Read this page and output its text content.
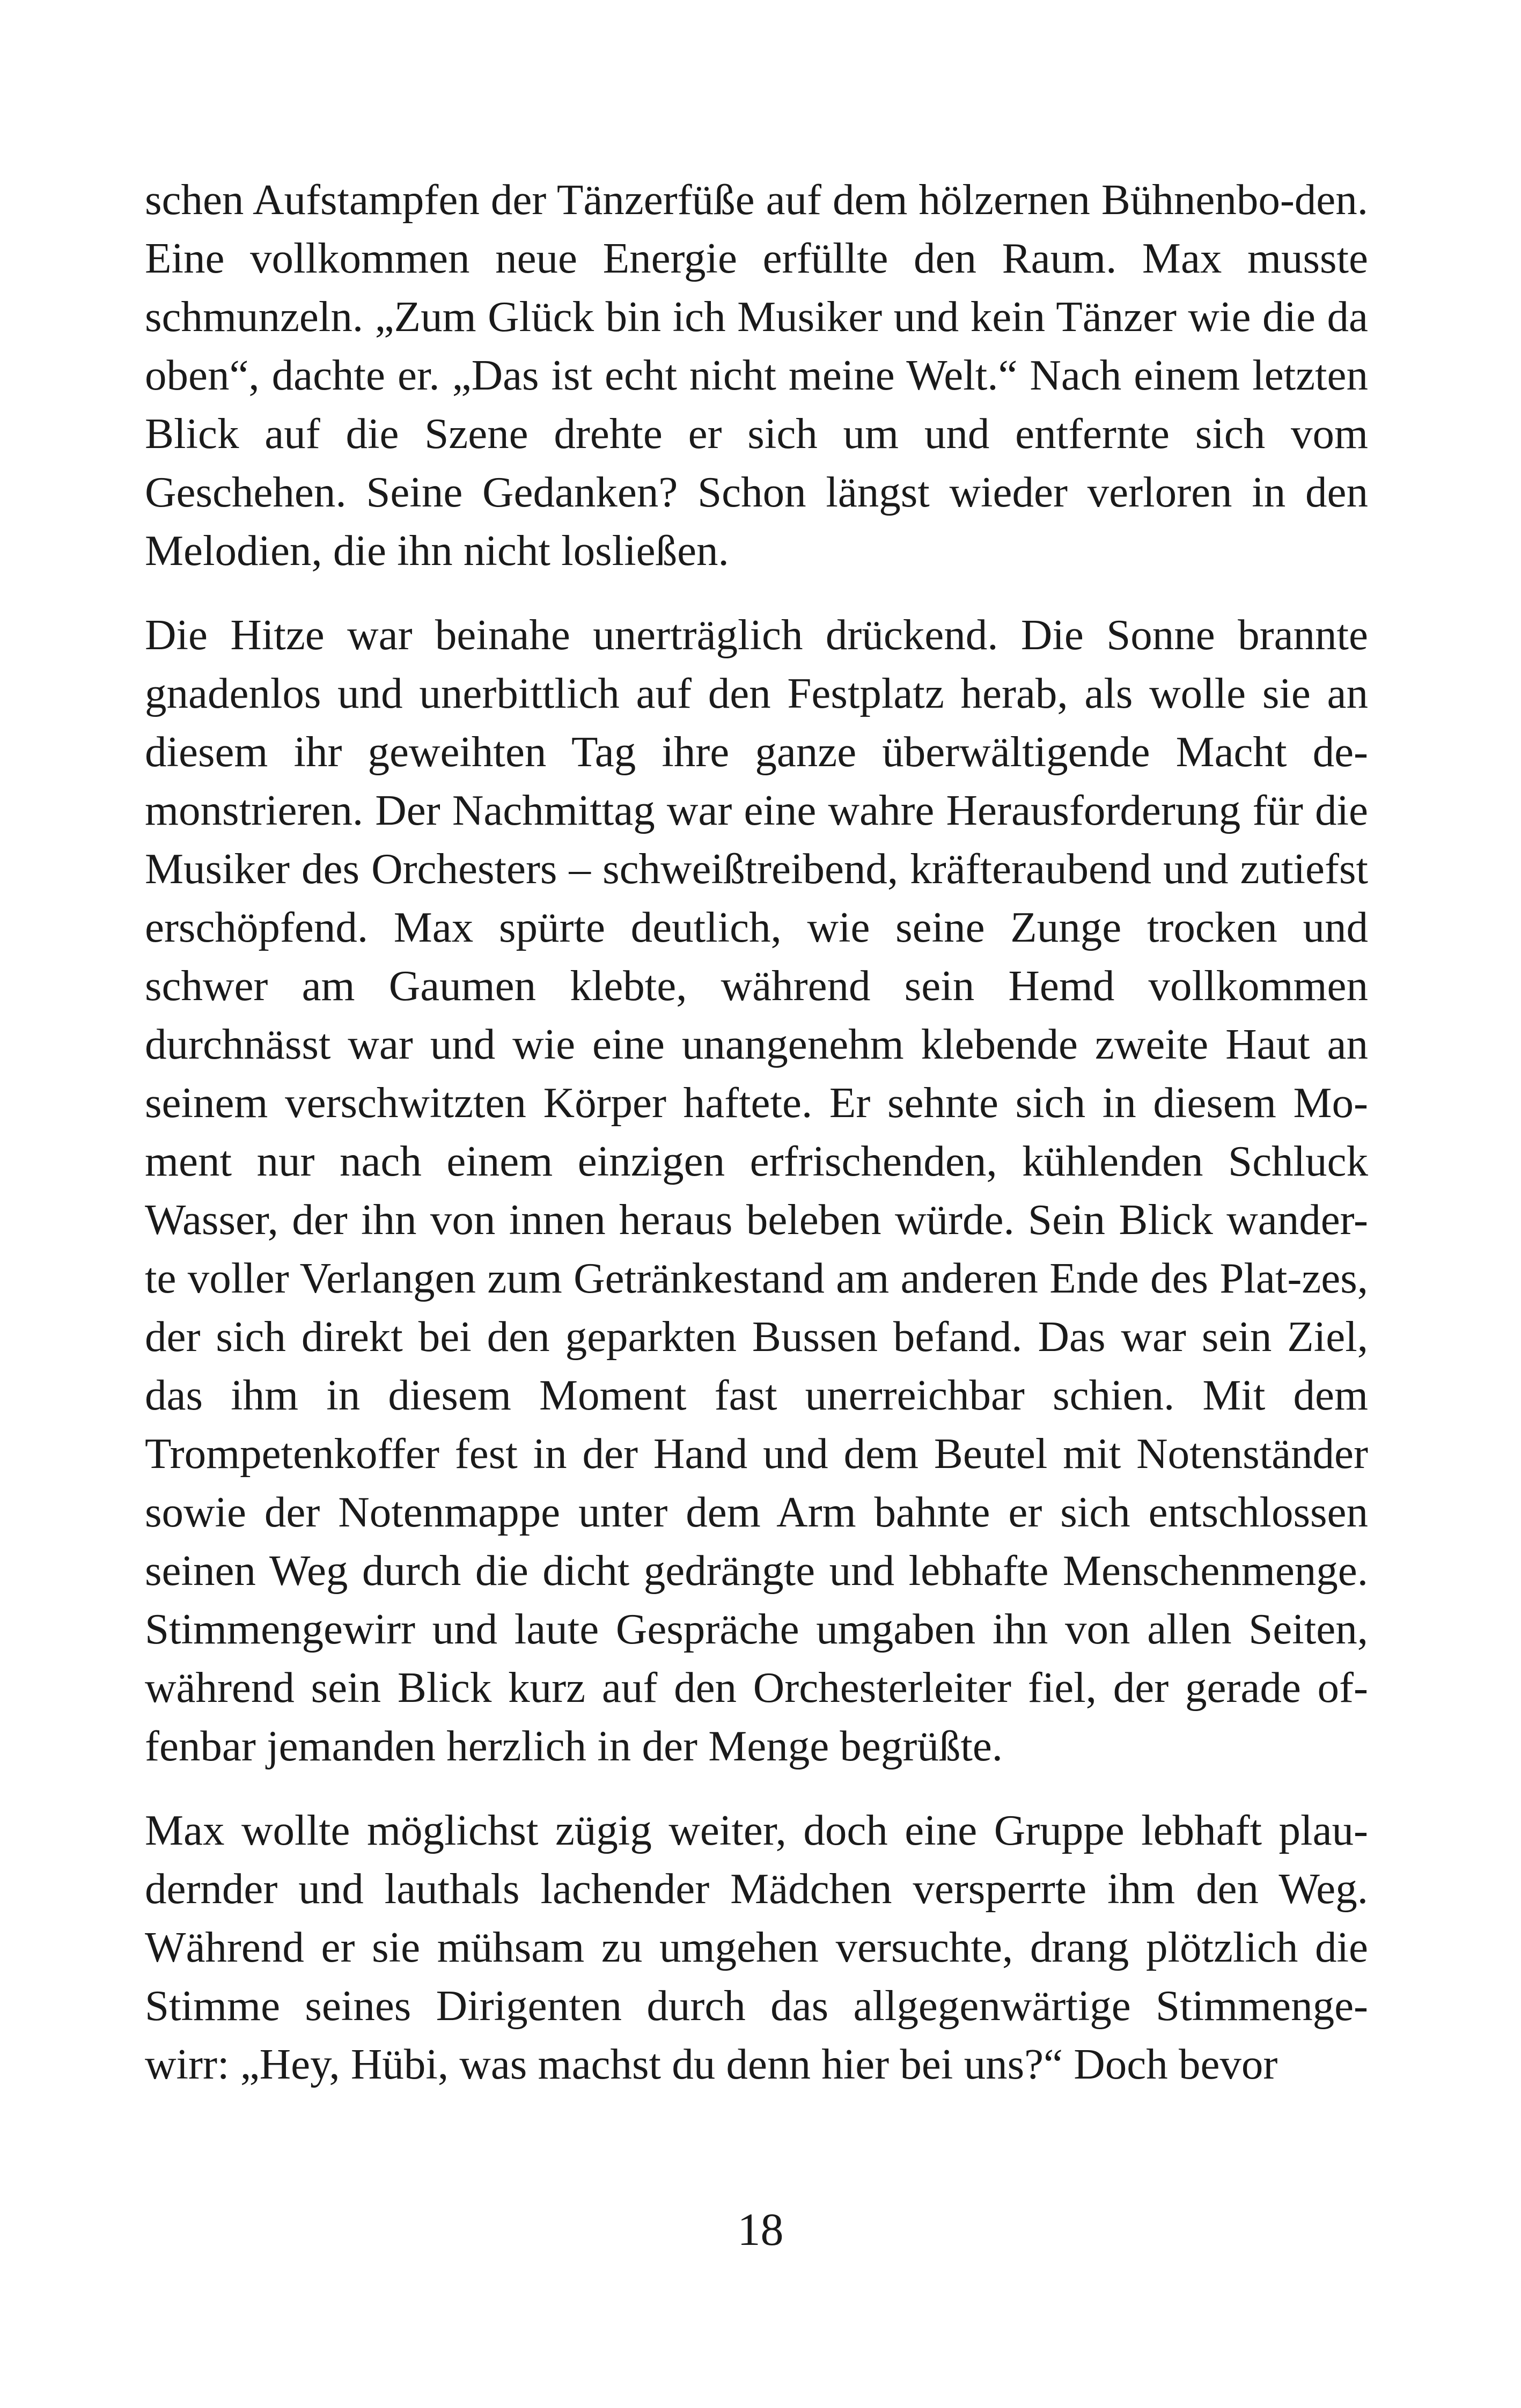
schen Aufstampfen der Tänzerfüße auf dem hölzernen Bühnenbo-den. Eine vollkommen neue Energie erfüllte den Raum. Max musste schmunzeln. „Zum Glück bin ich Musiker und kein Tänzer wie die da oben“, dachte er. „Das ist echt nicht meine Welt.“ Nach einem letzten Blick auf die Szene drehte er sich um und entfernte sich vom Geschehen. Seine Gedanken? Schon längst wieder verloren in den Melodien, die ihn nicht losließen.

Die Hitze war beinahe unerträglich drückend. Die Sonne brannte gnadenlos und unerbittlich auf den Festplatz herab, als wolle sie an diesem ihr geweihten Tag ihre ganze überwältigende Macht de-monstrieren. Der Nachmittag war eine wahre Herausforderung für die Musiker des Orchesters – schweißtreibend, kräfteraubend und zutiefst erschöpfend. Max spürte deutlich, wie seine Zunge trocken und schwer am Gaumen klebte, während sein Hemd vollkommen durchnässt war und wie eine unangenehm klebende zweite Haut an seinem verschwitzten Körper haftete. Er sehnte sich in diesem Mo-ment nur nach einem einzigen erfrischenden, kühlenden Schluck Wasser, der ihn von innen heraus beleben würde. Sein Blick wander-te voller Verlangen zum Getränkestand am anderen Ende des Plat-zes, der sich direkt bei den geparkten Bussen befand. Das war sein Ziel, das ihm in diesem Moment fast unerreichbar schien. Mit dem Trompetenkoffer fest in der Hand und dem Beutel mit Notenständer sowie der Notenmappe unter dem Arm bahnte er sich entschlossen seinen Weg durch die dicht gedrängte und lebhafte Menschenmenge. Stimmengewirr und laute Gespräche umgaben ihn von allen Seiten, während sein Blick kurz auf den Orchesterleiter fiel, der gerade of-fenbar jemanden herzlich in der Menge begrüßte.

Max wollte möglichst zügig weiter, doch eine Gruppe lebhaft plau-dernder und lauthals lachender Mädchen versperrte ihm den Weg. Während er sie mühsam zu umgehen versuchte, drang plötzlich die Stimme seines Dirigenten durch das allgegenwärtige Stimmenge-wirr: „Hey, Hübi, was machst du denn hier bei uns?“ Doch bevor

18
